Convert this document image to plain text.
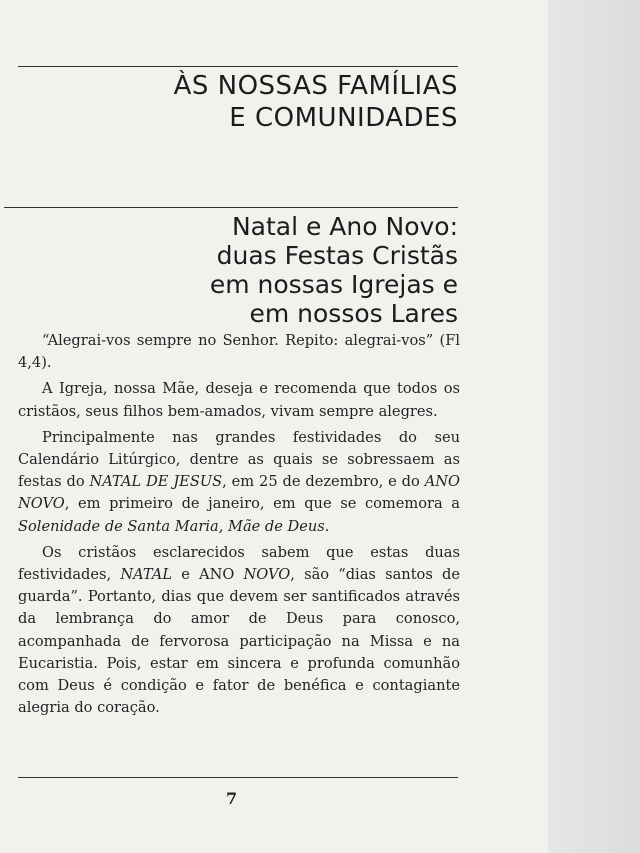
ÀS NOSSAS FAMÍLIAS
E COMUNIDADES
Natal e Ano Novo:
duas Festas Cristãs
em nossas Igrejas e
em nossos Lares

“Alegrai-vos sempre no Senhor. Repito: alegrai-vos” (Fl 4,4).

A Igreja, nossa Mãe, deseja e recomenda que todos os cristãos, seus filhos bem-amados, vivam sempre alegres.

Principalmente nas grandes festividades do seu Calendário Litúrgico, dentre as quais se sobressaem as festas do NATAL DE JESUS, em 25 de dezembro, e do ANO NOVO, em primeiro de janeiro, em que se comemora a Solenidade de Santa Maria, Mãe de Deus.

Os cristãos esclarecidos sabem que estas duas festividades, NATAL e ANO NOVO, são “dias santos de guarda”. Portanto, dias que devem ser santificados através da lembrança do amor de Deus para conosco, acompanhada de fervorosa participação na Missa e na Eucaristia. Pois, estar em sincera e profunda comunhão com Deus é condição e fator de benéfica e contagiante alegria do coração.

7
